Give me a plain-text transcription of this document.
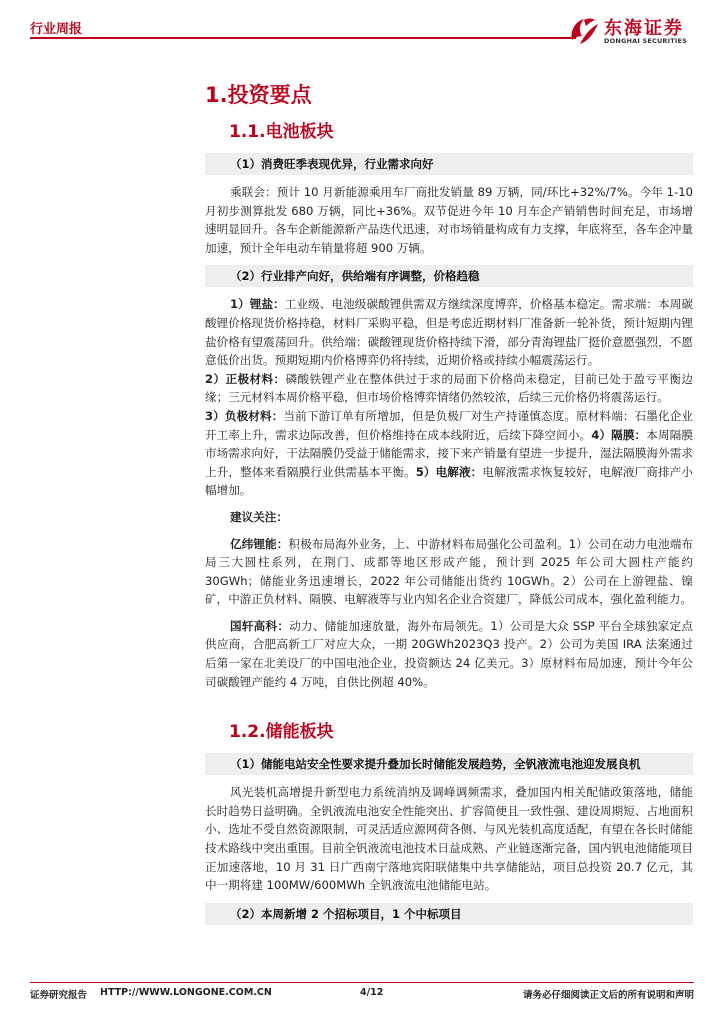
行业周报	东海证券
DONGHAI SECURITIES
1.投资要点
1.1.电池板块
（1）消费旺季表现优异，行业需求向好

乘联会：预计 10 月新能源乘用车厂商批发销量 89 万辆，同/环比+32%/7%。今年 1-10 月初步测算批发 680 万辆，同比+36%。双节促进今年 10 月车企产销销售时间充足，市场增速明显回升。各车企新能源新产品迭代迅速，对市场销量构成有力支撑，年底将至，各车企冲量加速，预计全年电动车销量将超 900 万辆。

（2）行业排产向好，供给端有序调整，价格趋稳

1）锂盐：工业级、电池级碳酸锂供需双方继续深度博弈，价格基本稳定。需求端：本周碳酸锂价格现货价格持稳，材料厂采购平稳，但是考虑近期材料厂准备新一轮补货，预计短期内锂盐价格有望震荡回升。供给端：碳酸锂现货价格持续下滑，部分青海锂盐厂挺价意愿强烈，不愿意低价出货。预期短期内价格博弈仍将持续，近期价格或持续小幅震荡运行。
2）正极材料：磷酸铁锂产业在整体供过于求的局面下价格尚未稳定，目前已处于盈亏平衡边缘；三元材料本周价格平稳，但市场价格博弈情绪仍然较浓，后续三元价格仍将震荡运行。
3）负极材料：当前下游订单有所增加，但是负极厂对生产持谨慎态度。原材料端：石墨化企业开工率上升，需求边际改善，但价格维持在成本线附近，后续下降空间小。4）隔膜：本周隔膜市场需求向好，干法隔膜仍受益于储能需求，接下来产销量有望进一步提升，湿法隔膜海外需求上升，整体来看隔膜行业供需基本平衡。5）电解液：电解液需求恢复较好，电解液厂商排产小幅增加。

建议关注：

亿纬锂能：积极布局海外业务，上、中游材料布局强化公司盈利。1）公司在动力电池端布局三大圆柱系列，在荆门、成都等地区形成产能，预计到 2025 年公司大圆柱产能约 30GWh；储能业务迅速增长，2022 年公司储能出货约 10GWh。2）公司在上游锂盐、镍矿，中游正负材料、隔膜、电解液等与业内知名企业合资建厂，降低公司成本，强化盈利能力。

国轩高科：动力、储能加速放量，海外布局领先。1）公司是大众 SSP 平台全球独家定点供应商，合肥高新工厂对应大众，一期 20GWh2023Q3 投产。2）公司为美国 IRA 法案通过后第一家在北美设厂的中国电池企业，投资额达 24 亿美元。3）原材料布局加速，预计今年公司碳酸锂产能约 4 万吨，自供比例超 40%。

1.2.储能板块
（1）储能电站安全性要求提升叠加长时储能发展趋势，全钒液流电池迎发展良机

风光装机高增提升新型电力系统消纳及调峰调频需求，叠加国内相关配储政策落地，储能长时趋势日益明确。全钒液流电池安全性能突出、扩容简便且一致性强、建设周期短、占地面积小、选址不受自然资源限制，可灵活适应源网荷各侧、与风光装机高度适配，有望在各长时储能技术路线中突出重围。目前全钒液流电池技术日益成熟、产业链逐渐完备，国内钒电池储能项目正加速落地，10 月 31 日广西南宁落地宾阳联储集中共享储能站，项目总投资 20.7 亿元，其中一期将建 100MW/600MWh 全钒液流电池储能电站。

（2）本周新增 2 个招标项目，1 个中标项目
证券研究报告 HTTP://WWW.LONGONE.COM.CN	4/12	请务必仔细阅读正文后的所有说明和声明
